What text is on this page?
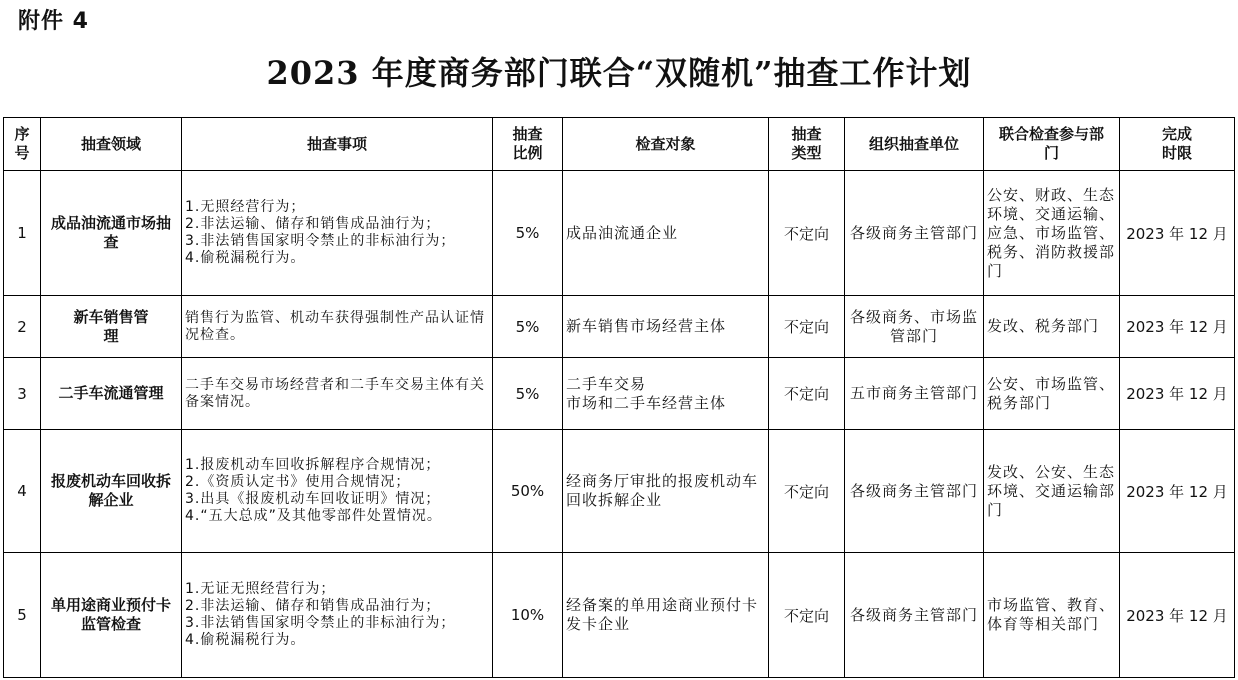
附件 4
2023 年度商务部门联合“双随机”抽查工作计划
序号	抽查领域	抽查事项	抽查比例	检查对象	抽查类型	组织抽查单位	联合检查参与部门	完成时限
1	成品油流通市场抽查	1.无照经营行为；
2.非法运输、储存和销售成品油行为；
3.非法销售国家明令禁止的非标油行为；
4.偷税漏税行为。	5%	成品油流通企业	不定向	各级商务主管部门	公安、财政、生态环境、交通运输、应急、市场监管、税务、消防救援部门	2023 年 12 月
2	新车销售管理	销售行为监管、机动车获得强制性产品认证情况检查。	5%	新车销售市场经营主体	不定向	各级商务、市场监管部门	发改、税务部门	2023 年 12 月
3	二手车流通管理	二手车交易市场经营者和二手车交易主体有关备案情况。	5%	二手车交易
市场和二手车经营主体	不定向	五市商务主管部门	公安、市场监管、税务部门	2023 年 12 月
4	报废机动车回收拆解企业	1.报废机动车回收拆解程序合规情况；
2.《资质认定书》使用合规情况；
3.出具《报废机动车回收证明》情况；
4.“五大总成”及其他零部件处置情况。	50%	经商务厅审批的报废机动车回收拆解企业	不定向	各级商务主管部门	发改、公安、生态环境、交通运输部门	2023 年 12 月
5	单用途商业预付卡监管检查	1.无证无照经营行为；
2.非法运输、储存和销售成品油行为；
3.非法销售国家明令禁止的非标油行为；
4.偷税漏税行为。	10%	经备案的单用途商业预付卡发卡企业	不定向	各级商务主管部门	市场监管、教育、体育等相关部门	2023 年 12 月
